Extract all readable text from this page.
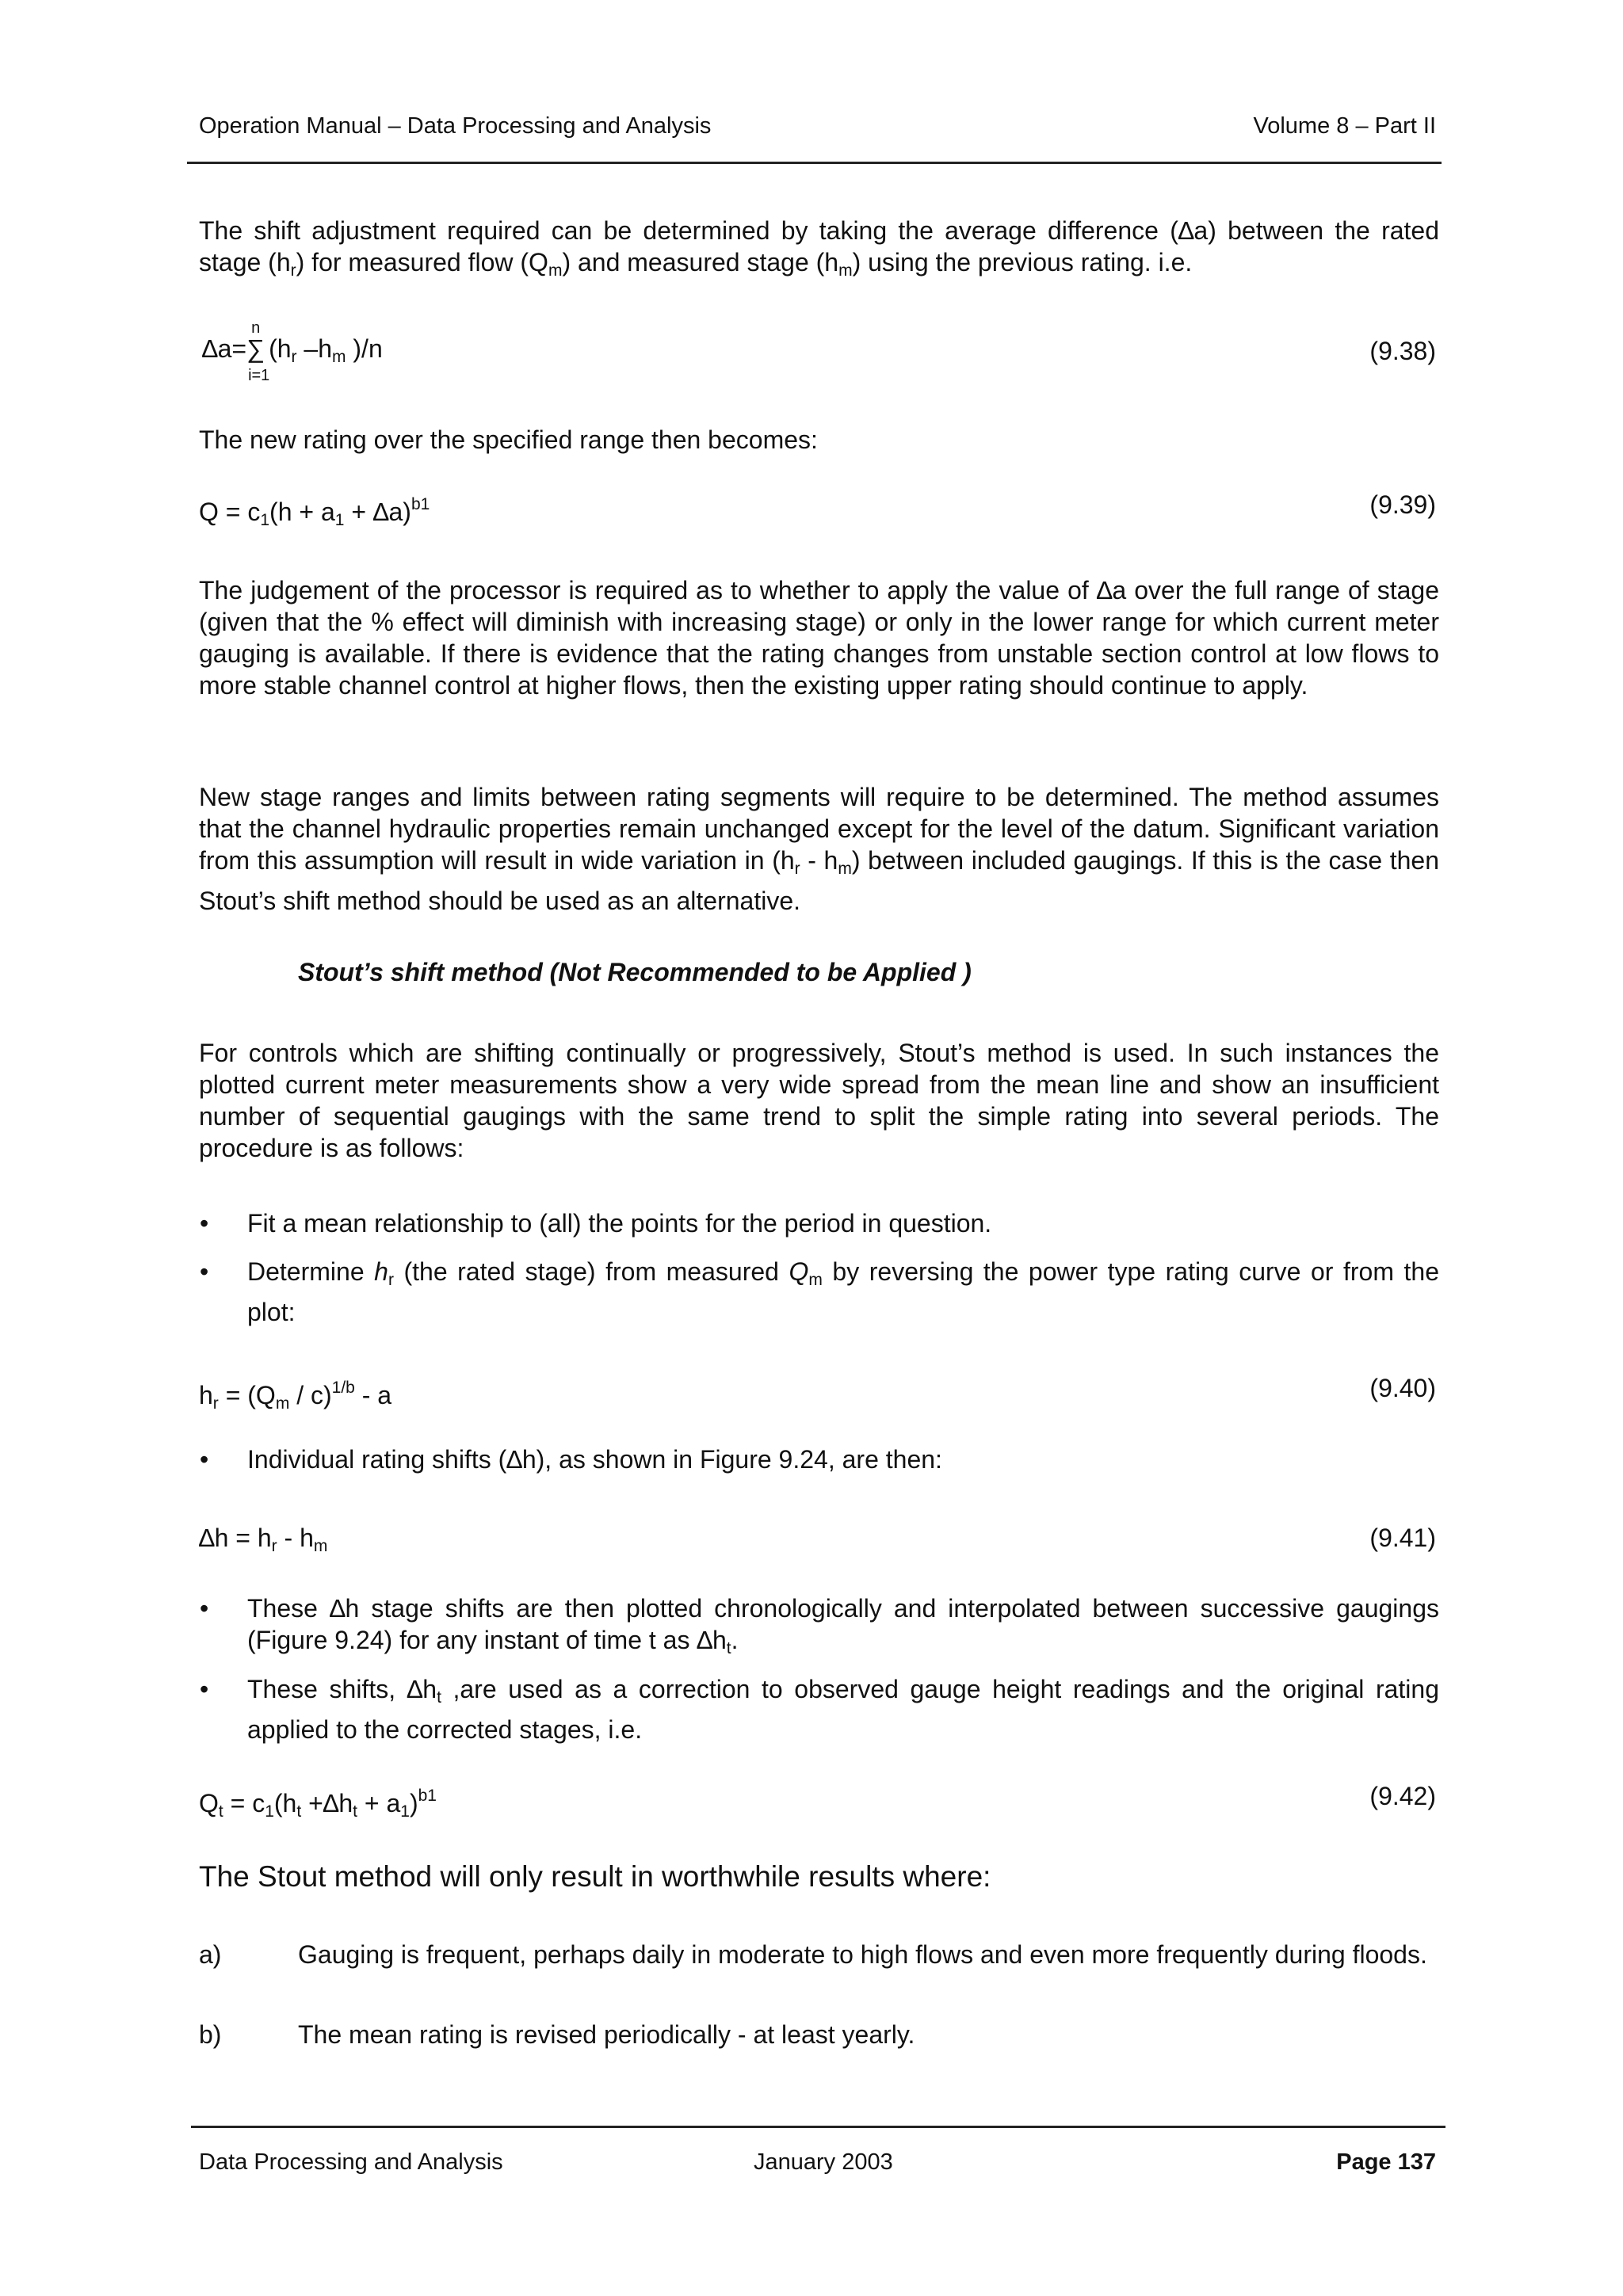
Operation Manual – Data Processing and Analysis	Volume 8 – Part II

The shift adjustment required can be determined by taking the average difference (∆a) between the rated stage $(h_r)$ for measured flow $(Q_m)$ and measured stage $(h_m)$ using the previous rating. i.e.

∆a=
n
∑
i=1
($h_r$ $-h_m$ )/n	(9.38)

The new rating over the specified range then becomes:

$Q = c_1(h + a_1 + \Delta a)^{b1}$	(9.39)

The judgement of the processor is required as to whether to apply the value of ∆a over the full range of stage (given that the % effect will diminish with increasing stage) or only in the lower range for which current meter gauging is available. If there is evidence that the rating changes from unstable section control at low flows to more stable channel control at higher flows, then the existing upper rating should continue to apply.

New stage ranges and limits between rating segments will require to be determined. The method assumes that the channel hydraulic properties remain unchanged except for the level of the datum. Significant variation from this assumption will result in wide variation in $(h_r - h_m)$ between included gaugings. If this is the case then Stout’s shift method should be used as an alternative.

Stout’s shift method (Not Recommended to be Applied )

For controls which are shifting continually or progressively, Stout’s method is used. In such instances the plotted current meter measurements show a very wide spread from the mean line and show an insufficient number of sequential gaugings with the same trend to split the simple rating into several periods. The procedure is as follows:

• Fit a mean relationship to (all) the points for the period in question.

• Determine $h_r$ (the rated stage) from measured $Q_m$ by reversing the power type rating curve or from the plot:

$h_r = (Q_m / c)^{1/b} - a$	(9.40)
• Individual rating shifts (∆h), as shown in Figure 9.24, are then:

$\Delta h = h_r - h_m$	(9.41)
• These ∆h stage shifts are then plotted chronologically and interpolated between successive gaugings (Figure 9.24) for any instant of time t as $\Delta h_t$.

• These shifts, $\Delta h_t$ ,are used as a correction to observed gauge height readings and the original rating applied to the corrected stages, i.e.

$Q_t = c_1(h_t +\Delta h_t + a_1)^{b1}$	(9.42)
The Stout method will only result in worthwhile results where:
a)	Gauging is frequent, perhaps daily in moderate to high flows and even more frequently during floods.

b)	The mean rating is revised periodically - at least yearly.

Data Processing and Analysis	January 2003	Page 137
